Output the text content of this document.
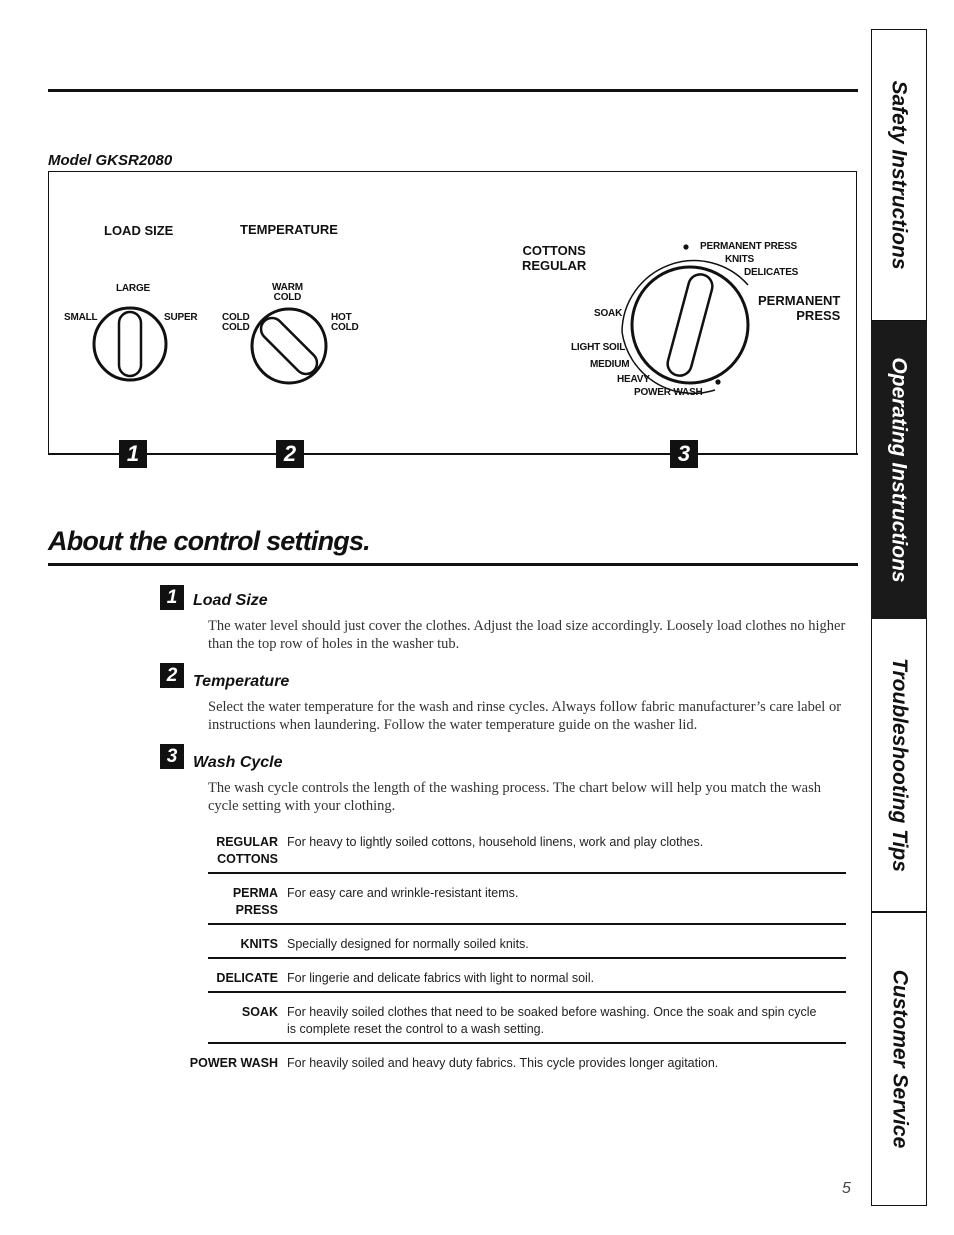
Model GKSR2080
LOAD SIZE	TEMPERATURE
LARGE
SMALL	SUPER
WARM
COLD
COLD
COLD
HOT
COLD
COTTONS
REGULAR
PERMANENT PRESS
KNITS
DELICATES
PERMANENT
PRESS
SOAK
LIGHT SOIL
MEDIUM
HEAVY
POWER WASH
1	2	3
About the control settings.
1 Load Size
The water level should just cover the clothes. Adjust the load size accordingly. Loosely load clothes no higher than the top row of holes in the washer tub.
2 Temperature
Select the water temperature for the wash and rinse cycles. Always follow fabric manufacturer’s care label or instructions when laundering. Follow the water temperature guide on the washer lid.
3 Wash Cycle
The wash cycle controls the length of the washing process. The chart below will help you match the wash cycle setting with your clothing.
REGULAR
COTTONS
For heavy to lightly soiled cottons, household linens, work and play clothes.
PERMA
PRESS
For easy care and wrinkle-resistant items.
KNITS Specially designed for normally soiled knits.
DELICATE For lingerie and delicate fabrics with light to normal soil.
SOAK For heavily soiled clothes that need to be soaked before washing. Once the soak and spin cycle is complete reset the control to a wash setting.
POWER WASH For heavily soiled and heavy duty fabrics. This cycle provides longer agitation.
Safety Instructions
Operating Instructions
Troubleshooting Tips
Customer Service
5
